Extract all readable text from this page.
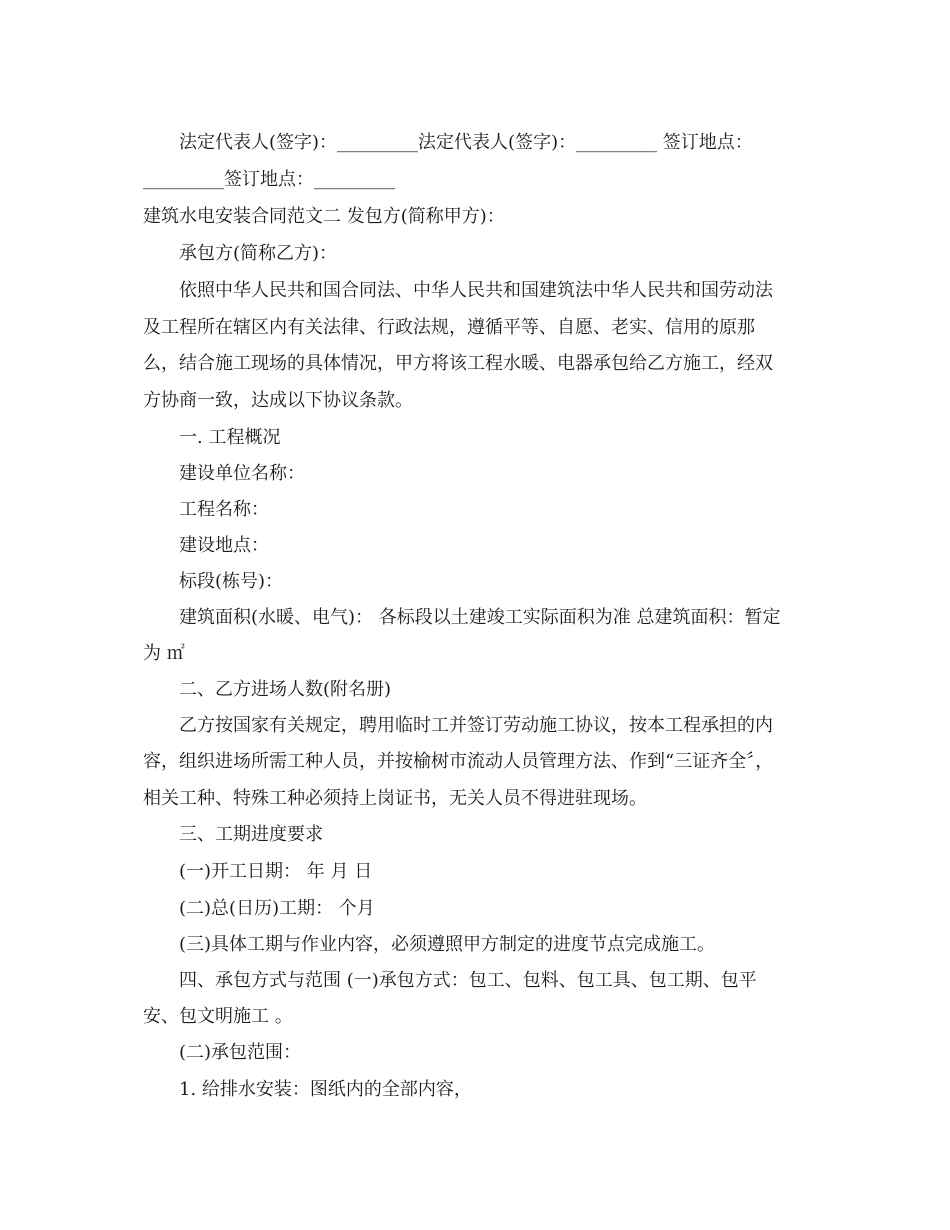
法定代表人(签字)：_________法定代表人(签字)：_________ 签订地点：
_________签订地点：_________
建筑水电安装合同范文二 发包方(简称甲方)：
承包方(简称乙方)：
依照中华人民共和国合同法、中华人民共和国建筑法中华人民共和国劳动法
及工程所在辖区内有关法律、行政法规，遵循平等、自愿、老实、信用的原那
么，结合施工现场的具体情况，甲方将该工程水暖、电器承包给乙方施工，经双
方协商一致，达成以下协议条款。
一. 工程概况
建设单位名称：
工程名称：
建设地点：
标段(栋号)：
建筑面积(水暖、电气)： 各标段以土建竣工实际面积为准 总建筑面积：暂定
为 ㎡
二、乙方进场人数(附名册)
乙方按国家有关规定，聘用临时工并签订劳动施工协议，按本工程承担的内
容，组织进场所需工种人员，并按榆树市流动人员管理方法、作到“三证齐全〞，
相关工种、特殊工种必须持上岗证书，无关人员不得进驻现场。
三、工期进度要求
(一)开工日期： 年 月 日
(二)总(日历)工期： 个月
(三)具体工期与作业内容，必须遵照甲方制定的进度节点完成施工。
四、承包方式与范围 (一)承包方式：包工、包料、包工具、包工期、包平
安、包文明施工 。
(二)承包范围：
1. 给排水安装：图纸内的全部内容，
